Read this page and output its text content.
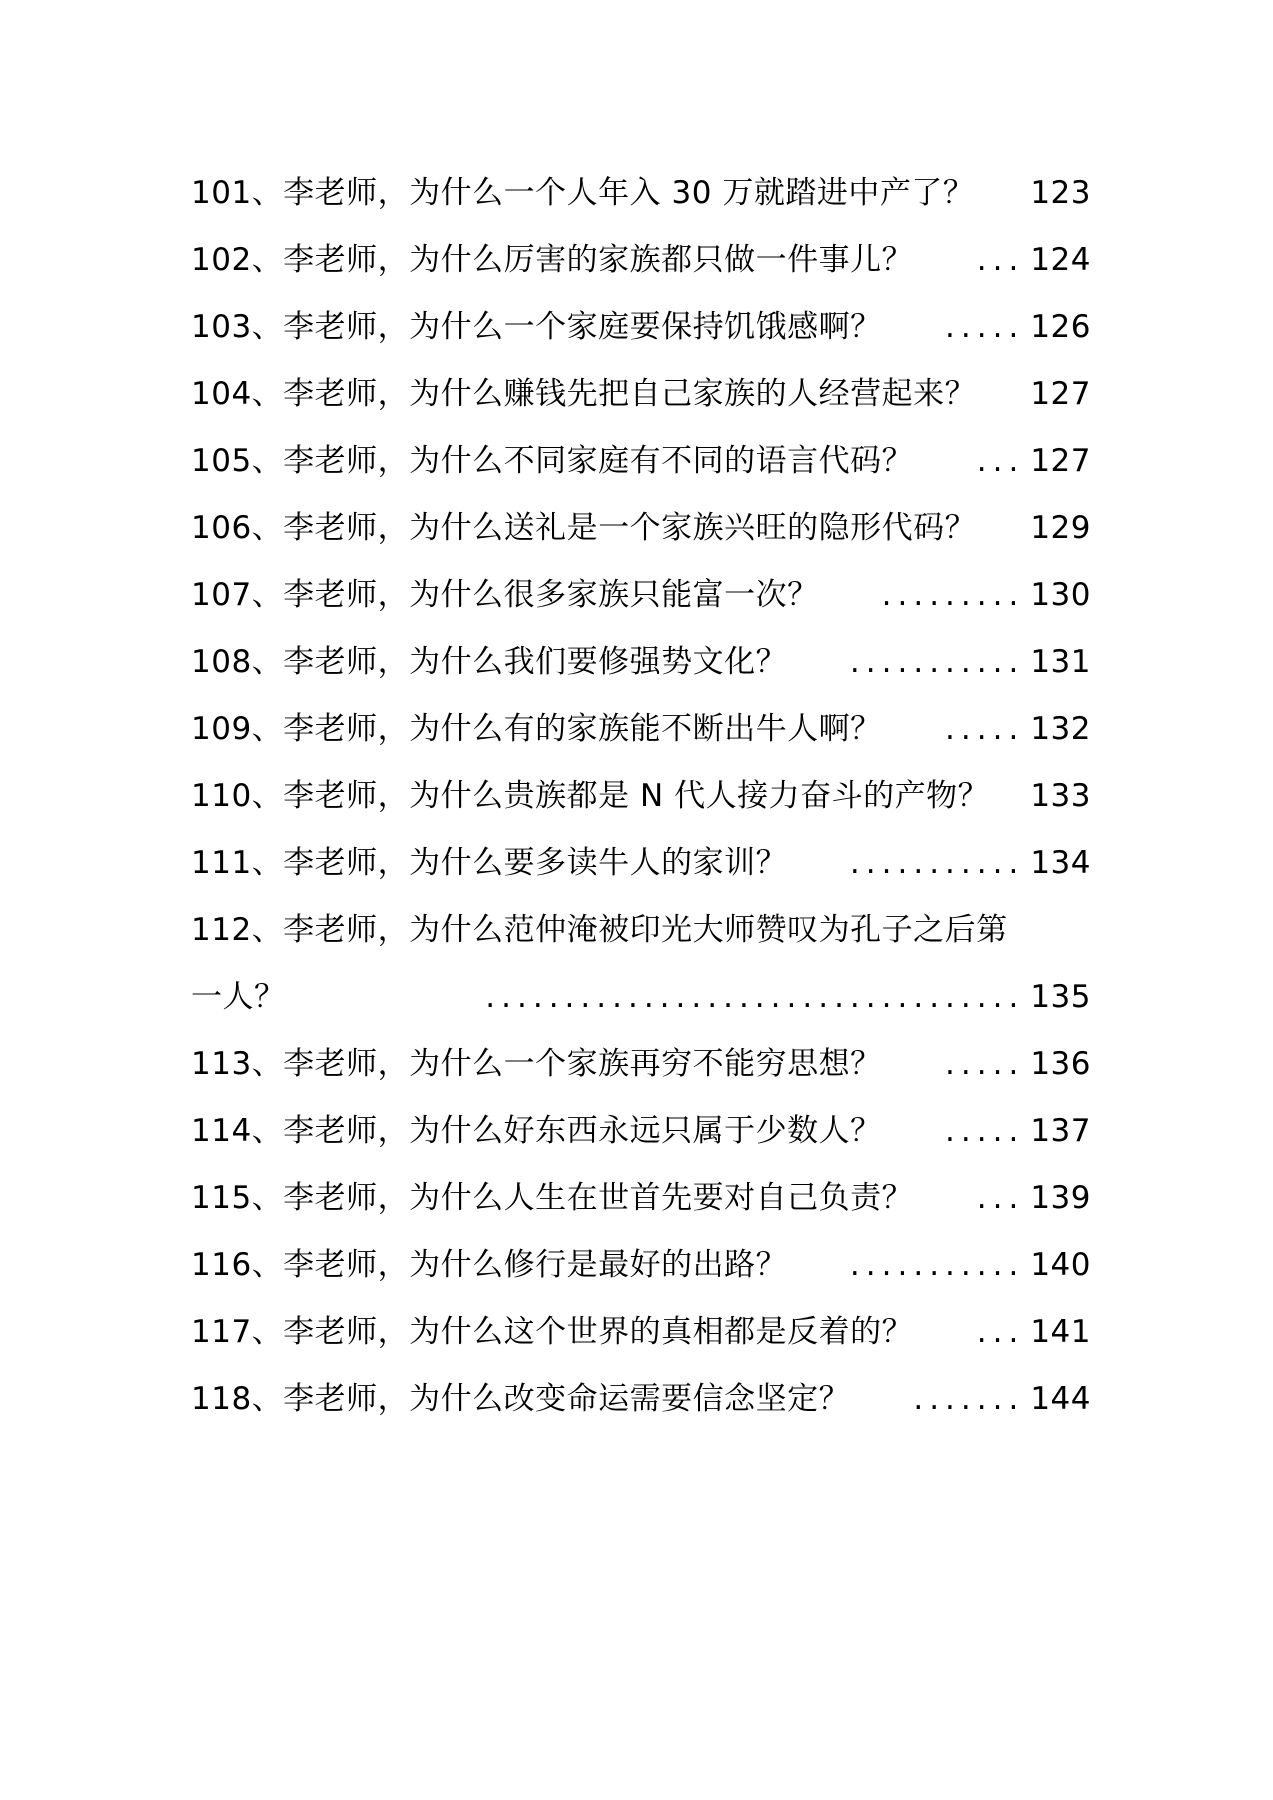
101、 李老师，为什么一个人年入 30 万就踏进中产了？ 123
102、 李老师，为什么厉害的家族都只做一件事儿？	... 124
103、 李老师，为什么一个家庭要保持饥饿感啊？	..... 126
104、 李老师，为什么赚钱先把自己家族的人经营起来？ 127
105、 李老师，为什么不同家庭有不同的语言代码？	... 127
106、 李老师，为什么送礼是一个家族兴旺的隐形代码？ 129
107、 李老师，为什么很多家族只能富一次？	......... 130
108、 李老师，为什么我们要修强势文化？	........... 131
109、 李老师，为什么有的家族能不断出牛人啊？	..... 132
110、 李老师，为什么贵族都是 N 代人接力奋斗的产物？ 133
111、 李老师，为什么要多读牛人的家训？	........... 134
112、 李老师，为什么范仲淹被印光大师赞叹为孔子之后第
一人？	.................................. 135
113、 李老师，为什么一个家族再穷不能穷思想？	..... 136
114、 李老师，为什么好东西永远只属于少数人？	..... 137
115、 李老师，为什么人生在世首先要对自己负责？	... 139
116、 李老师，为什么修行是最好的出路？	........... 140
117、 李老师，为什么这个世界的真相都是反着的？	... 141
118、 李老师，为什么改变命运需要信念坚定？	....... 144
